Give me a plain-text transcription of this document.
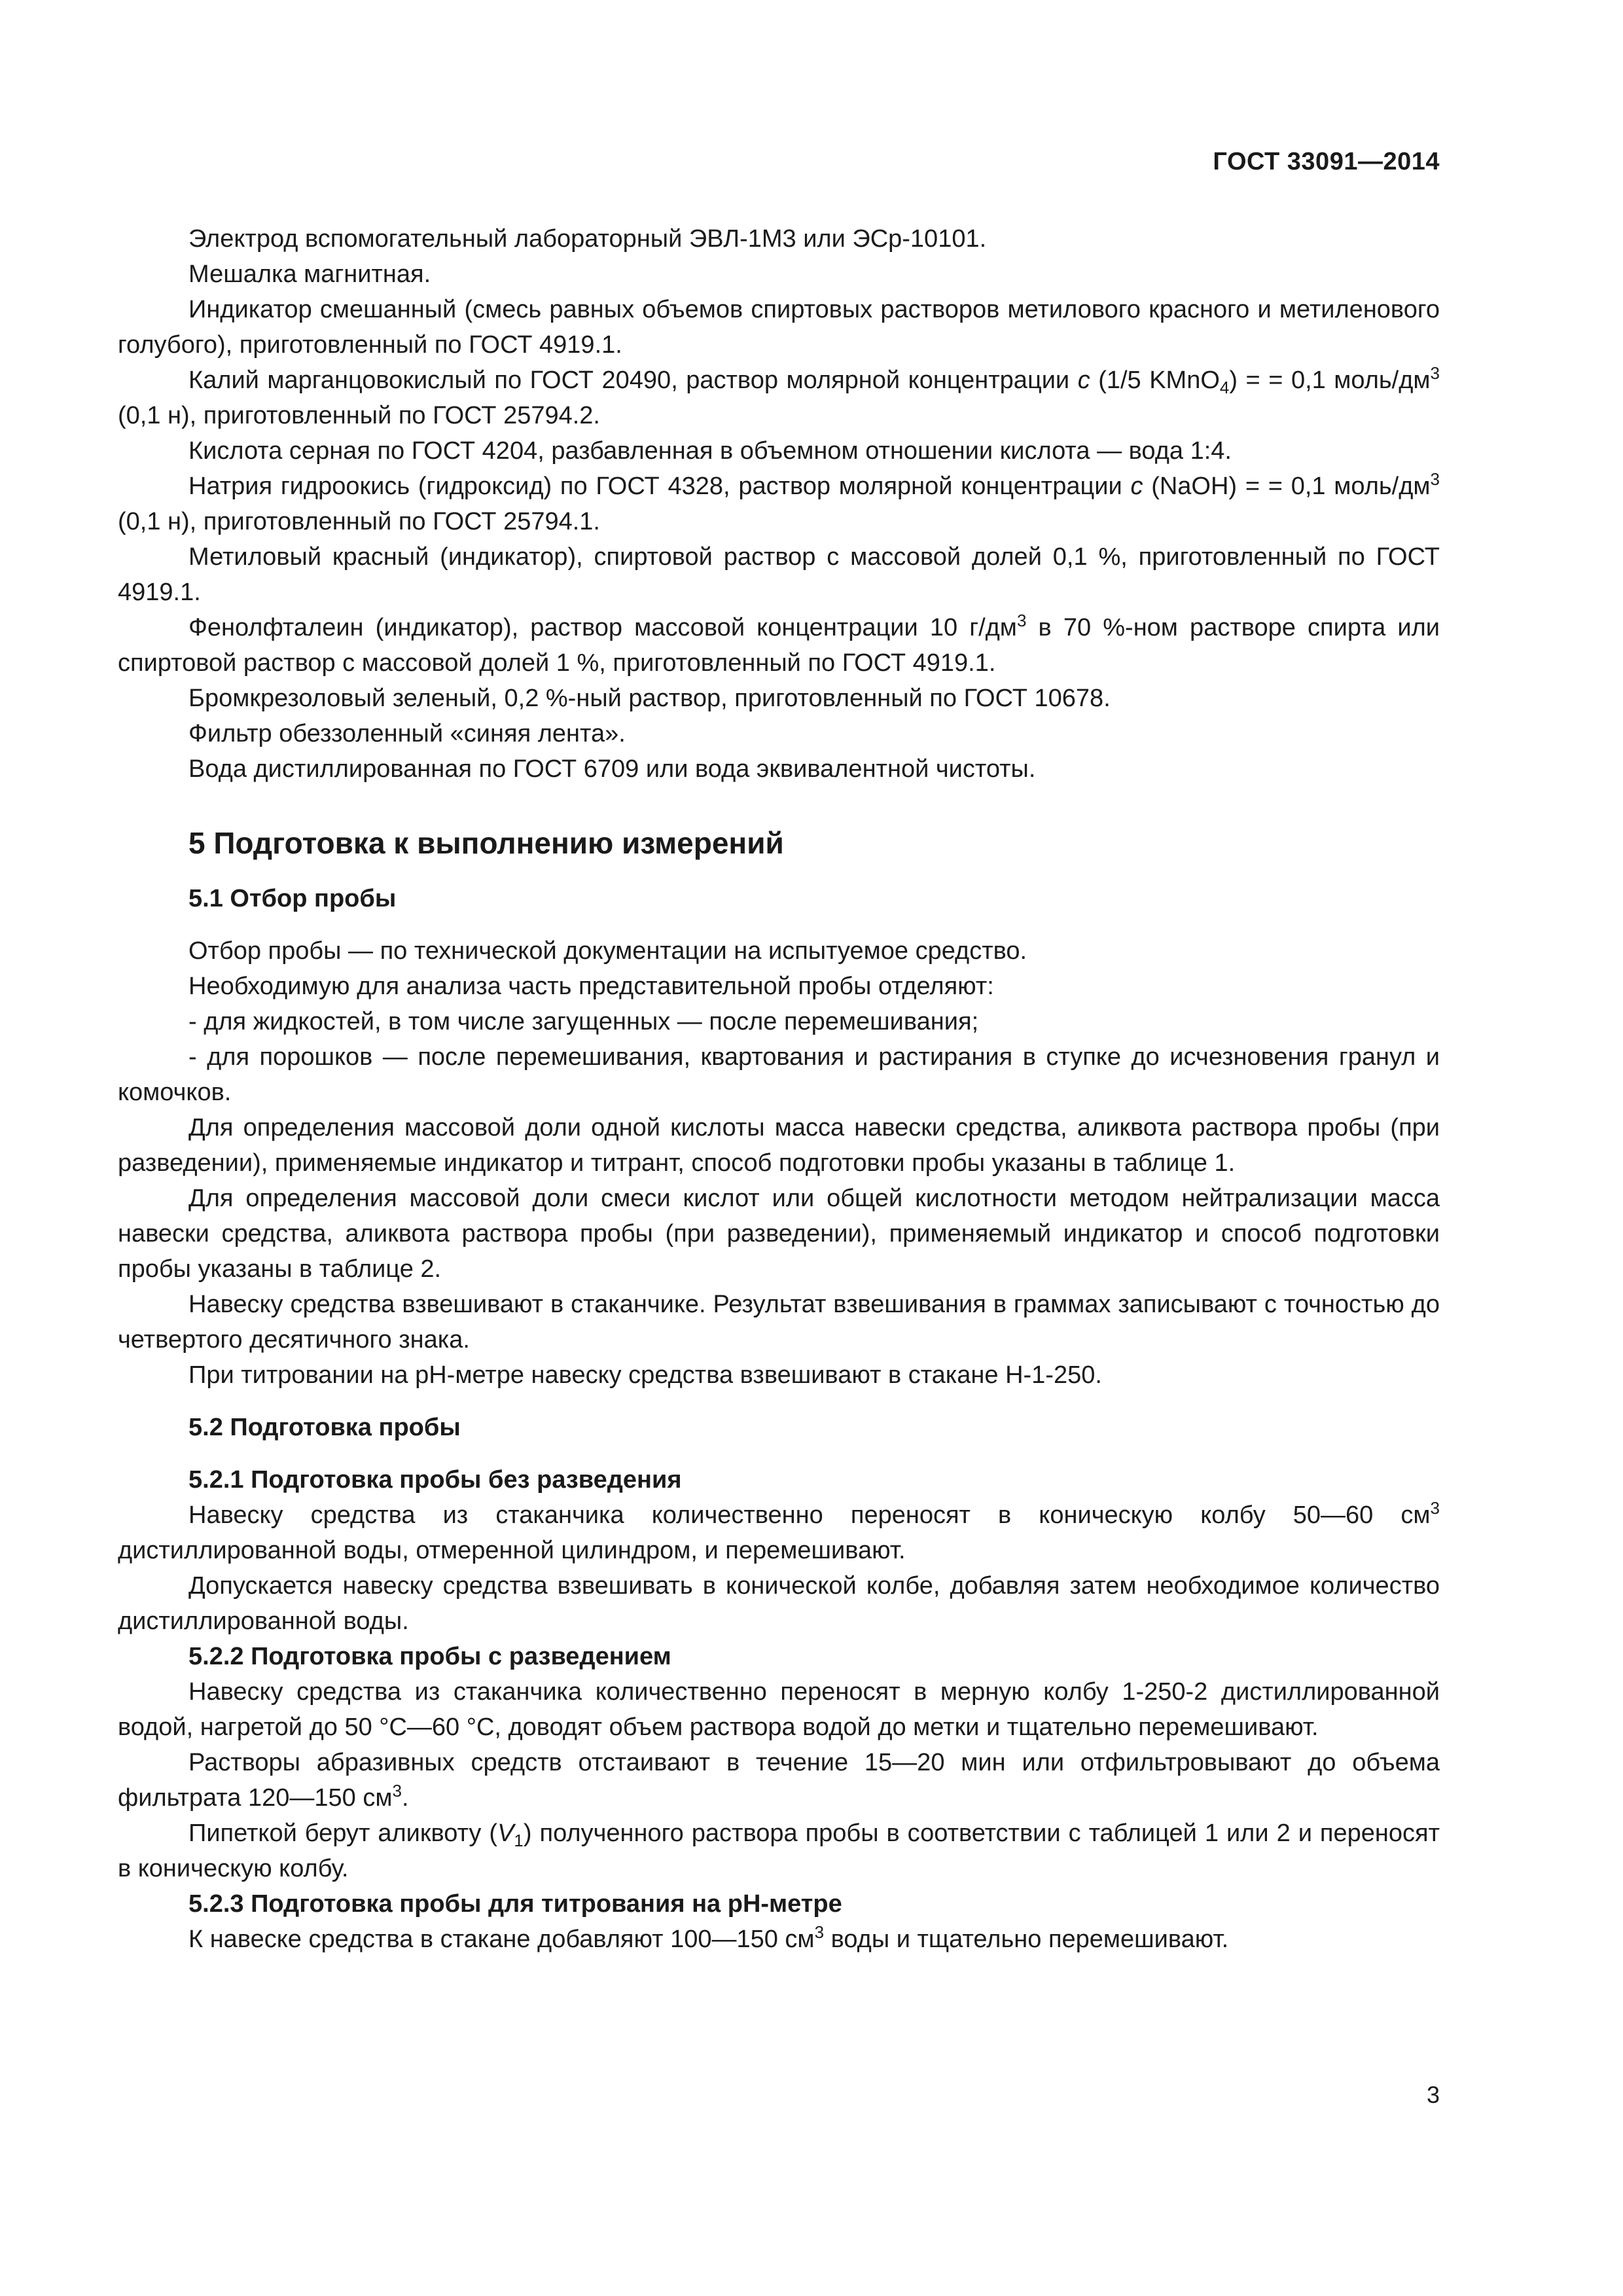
ГОСТ 33091—2014

Электрод вспомогательный лабораторный ЭВЛ-1М3 или ЭСр-10101.

Мешалка магнитная.

Индикатор смешанный (смесь равных объемов спиртовых растворов метилового красного и метиленового голубого), приготовленный по ГОСТ 4919.1.

Калий марганцовокислый по ГОСТ 20490, раствор молярной концентрации с (1/5 KMnO$_4$) = = 0,1 моль/$дм^3$ (0,1 н), приготовленный по ГОСТ 25794.2.

Кислота серная по ГОСТ 4204, разбавленная в объемном отношении кислота — вода 1:4.

Натрия гидроокись (гидроксид) по ГОСТ 4328, раствор молярной концентрации с (NaOH) = = 0,1 моль/$дм^3$ (0,1 н), приготовленный по ГОСТ 25794.1.

Метиловый красный (индикатор), спиртовой раствор с массовой долей 0,1 %, приготовленный по ГОСТ 4919.1.

Фенолфталеин (индикатор), раствор массовой концентрации 10 $г/дм^3$ в 70 %-ном растворе спирта или спиртовой раствор с массовой долей 1 %, приготовленный по ГОСТ 4919.1.

Бромкрезоловый зеленый, 0,2 %-ный раствор, приготовленный по ГОСТ 10678.

Фильтр обеззоленный «синяя лента».

Вода дистиллированная по ГОСТ 6709 или вода эквивалентной чистоты.

5 Подготовка к выполнению измерений
5.1 Отбор пробы

Отбор пробы — по технической документации на испытуемое средство.

Необходимую для анализа часть представительной пробы отделяют:

- для жидкостей, в том числе загущенных — после перемешивания;

- для порошков — после перемешивания, квартования и растирания в ступке до исчезновения гранул и комочков.

Для определения массовой доли одной кислоты масса навески средства, аликвота раствора пробы (при разведении), применяемые индикатор и титрант, способ подготовки пробы указаны в таблице 1.

Для определения массовой доли смеси кислот или общей кислотности методом нейтрализации масса навески средства, аликвота раствора пробы (при разведении), применяемый индикатор и способ подготовки пробы указаны в таблице 2.

Навеску средства взвешивают в стаканчике. Результат взвешивания в граммах записывают с точностью до четвертого десятичного знака.

При титровании на pH-метре навеску средства взвешивают в стакане Н-1-250.

5.2 Подготовка пробы
5.2.1 Подготовка пробы без разведения

Навеску средства из стаканчика количественно переносят в коническую колбу 50—60 $см^3$ дистиллированной воды, отмеренной цилиндром, и перемешивают.

Допускается навеску средства взвешивать в конической колбе, добавляя затем необходимое количество дистиллированной воды.

5.2.2 Подготовка пробы с разведением

Навеску средства из стаканчика количественно переносят в мерную колбу 1-250-2 дистиллированной водой, нагретой до 50 °С—60 °С, доводят объем раствора водой до метки и тщательно перемешивают.

Растворы абразивных средств отстаивают в течение 15—20 мин или отфильтровывают до объема фильтрата 120—150 $см^3$.

Пипеткой берут аликвоту $(V_1)$ полученного раствора пробы в соответствии с таблицей 1 или 2 и переносят в коническую колбу.

5.2.3 Подготовка пробы для титрования на pH-метре

К навеске средства в стакане добавляют 100—150 $см^3$ воды и тщательно перемешивают.

3
